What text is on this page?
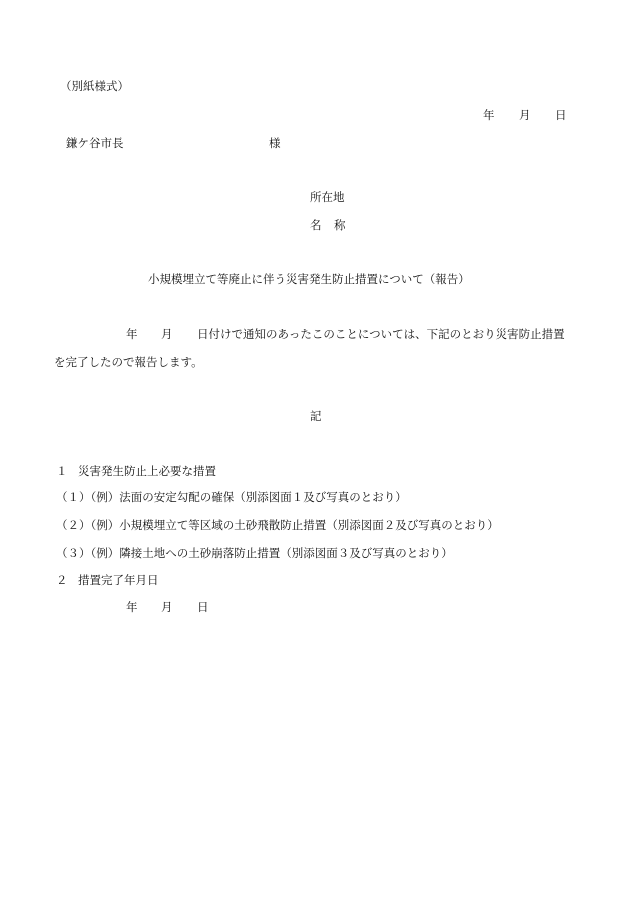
（別紙様式）
年 月 日
鎌ケ谷市長	様
所在地
名 称
小規模埋立て等廃止に伴う災害発生防止措置について（報告）
年 月 日付けで通知のあったこのことについては、下記のとおり災害防止措置
を完了したので報告します。
記
１ 災害発生防止上必要な措置
（１）（例）法面の安定勾配の確保（別添図面１及び写真のとおり）
（２）（例）小規模埋立て等区域の土砂飛散防止措置（別添図面２及び写真のとおり）
（３）（例）隣接土地への土砂崩落防止措置（別添図面３及び写真のとおり）
２ 措置完了年月日
年 月 日
